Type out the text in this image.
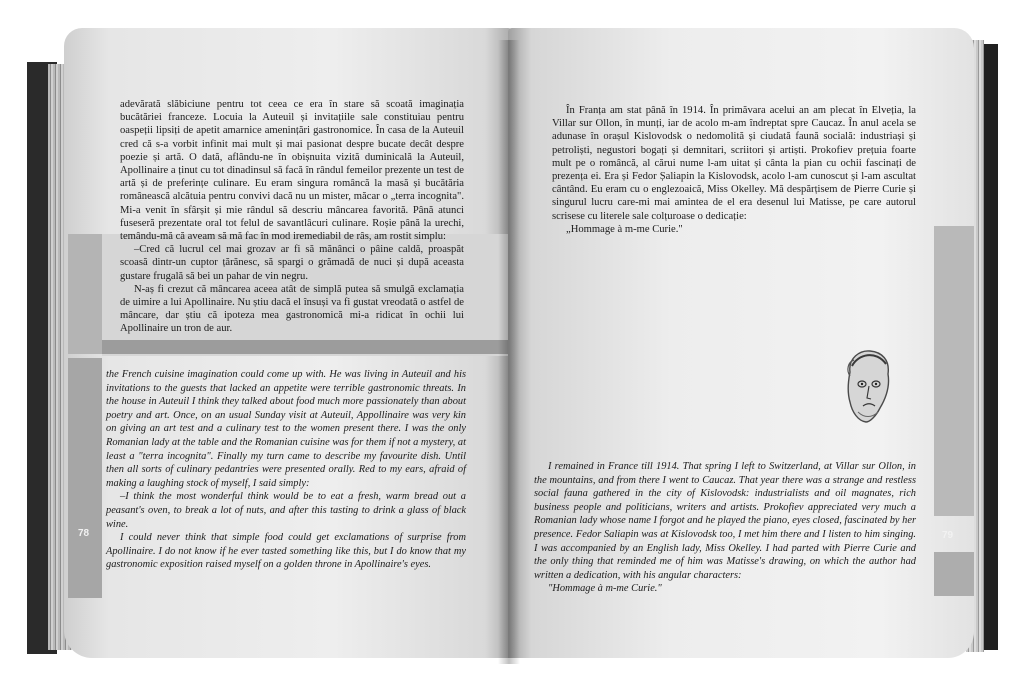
78

adevărată slăbiciune pentru tot ceea ce era în stare să scoată imaginația bucătăriei franceze. Locuia la Auteuil și invitațiile sale constituiau pentru oaspeții lipsiți de apetit amarnice amenințări gastronomice. În casa de la Auteuil cred că s-a vorbit infinit mai mult și mai pasionat despre bucate decât despre poezie și artă. O dată, aflându-ne în obișnuita vizită duminicală la Auteuil, Apollinaire a ținut cu tot dinadinsul să facă în rândul femeilor prezente un test de artă și de preferințe culinare. Eu eram singura româncă la masă și bucătăria românească alcătuia pentru convivi dacă nu un mister, măcar o „terra incognita". Mi-a venit în sfârșit și mie rândul să descriu mâncarea favorită. Până atunci fuseseră prezentate oral tot felul de savantlâcuri culinare. Roșie până la urechi, temându-mă că aveam să mă fac în mod iremediabil de râs, am rostit simplu:

–Cred că lucrul cel mai grozav ar fi să mănânci o pâine caldă, proaspăt scoasă dintr-un cuptor țărănesc, să spargi o grămadă de nuci și după aceasta gustare frugală să bei un pahar de vin negru.

N-aș fi crezut că mâncarea aceea atât de simplă putea să smulgă exclamația de uimire a lui Apollinaire. Nu știu dacă el însuși va fi gustat vreodată o astfel de mâncare, dar știu că ipoteza mea gastronomică mi-a ridicat în ochii lui Apollinaire un tron de aur.

the French cuisine imagination could come up with. He was living in Auteuil and his invitations to the guests that lacked an appetite were terrible gastronomic threats. In the house in Auteuil I think they talked about food much more passionately than about poetry and art. Once, on an usual Sunday visit at Auteuil, Appollinaire was very kin on giving an art test and a culinary test to the women present there. I was the only Romanian lady at the table and the Romanian cuisine was for them if not a mystery, at least a "terra incognita". Finally my turn came to describe my favourite dish. Until then all sorts of culinary pedantries were presented orally. Red to my ears, afraid of making a laughing stock of myself, I said simply:

–I think the most wonderful think would be to eat a fresh, warm bread out a peasant's oven, to break a lot of nuts, and after this tasting to drink a glass of black wine.

I could never think that simple food could get exclamations of surprise from Apollinaire. I do not know if he ever tasted something like this, but I do know that my gastronomic exposition raised myself on a golden throne in Apollinaire's eyes.

79

În Franța am stat până în 1914. În primăvara acelui an am plecat în Elveția, la Villar sur Ollon, în munți, iar de acolo m-am îndreptat spre Caucaz. În anul acela se adunase în orașul Kislovodsk o nedomolită și ciudată faună socială: industriași și petroliști, negustori bogați și demnitari, scriitori și artiști. Prokofiev prețuia foarte mult pe o româncă, al cărui nume l-am uitat și cânta la pian cu ochii fascinați de prezența ei. Era și Fedor Șaliapin la Kislovodsk, acolo l-am cunoscut și l-am ascultat cântând. Eu eram cu o englezoaică, Miss Okelley. Mă despărțisem de Pierre Curie și singurul lucru care-mi mai amintea de el era desenul lui Matisse, pe care autorul scrisese cu literele sale colțuroase o dedicație:

„Hommage à m-me Curie."

I remained in France till 1914. That spring I left to Switzerland, at Villar sur Ollon, in the mountains, and from there I went to Caucaz. That year there was a strange and restless social fauna gathered in the city of Kislovodsk: industrialists and oil magnates, rich business people and politicians, writers and artists. Prokofiev appreciated very much a Romanian lady whose name I forgot and he played the piano, eyes closed, fascinated by her presence. Fedor Saliapin was at Kislovodsk too, I met him there and I listen to him singing. I was accompanied by an English lady, Miss Okelley. I had parted with Pierre Curie and the only thing that reminded me of him was Matisse's drawing, on which the author had written a dedication, with his angular characters:

"Hommage à m-me Curie."
